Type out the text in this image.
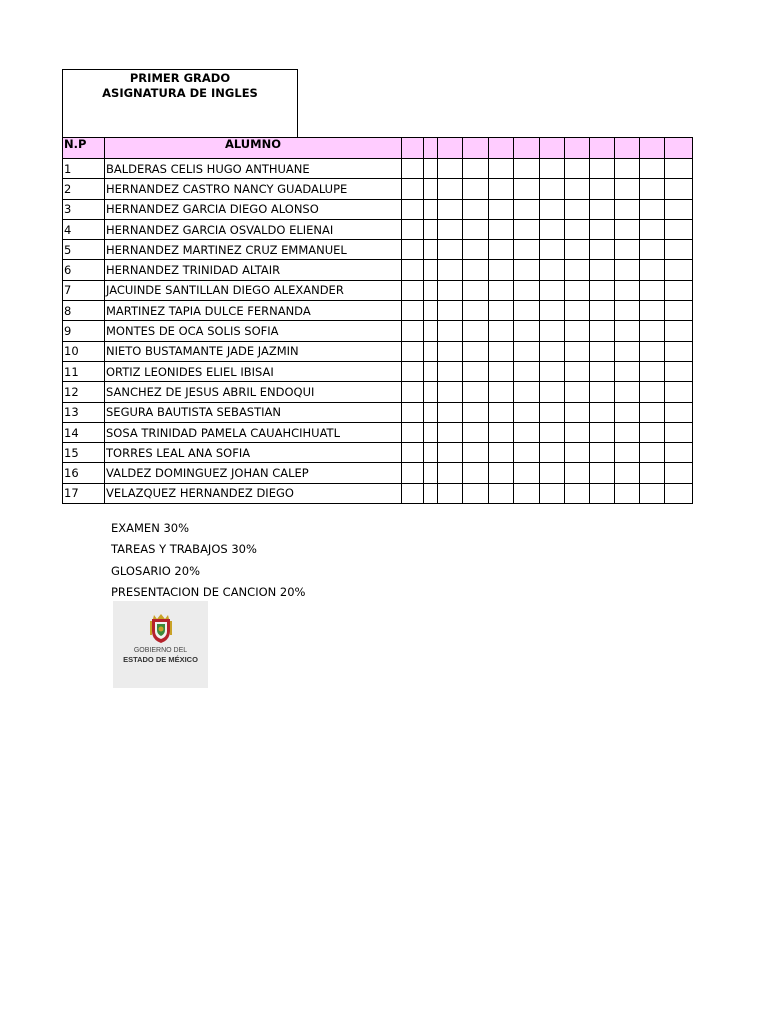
PRIMER GRADO
ASIGNATURA DE INGLES
N.P	ALUMNO												
1	BALDERAS CELIS HUGO ANTHUANE												
2	HERNANDEZ CASTRO NANCY GUADALUPE												
3	HERNANDEZ GARCIA DIEGO ALONSO												
4	HERNANDEZ GARCIA OSVALDO ELIENAI												
5	HERNANDEZ MARTINEZ CRUZ EMMANUEL												
6	HERNANDEZ TRINIDAD ALTAIR												
7	JACUINDE SANTILLAN DIEGO ALEXANDER												
8	MARTINEZ TAPIA DULCE FERNANDA												
9	MONTES DE OCA SOLIS SOFIA												
10	NIETO BUSTAMANTE JADE JAZMIN												
11	ORTIZ LEONIDES ELIEL IBISAI												
12	SANCHEZ DE JESUS ABRIL ENDOQUI												
13	SEGURA BAUTISTA SEBASTIAN												
14	SOSA TRINIDAD PAMELA CAUAHCIHUATL												
15	TORRES LEAL ANA SOFIA												
16	VALDEZ DOMINGUEZ JOHAN CALEP												
17	VELAZQUEZ HERNANDEZ DIEGO												
EXAMEN 30%
TAREAS Y TRABAJOS 30%
GLOSARIO 20%
PRESENTACION DE CANCION 20%
GOBIERNO DEL
ESTADO DE MÉXICO
